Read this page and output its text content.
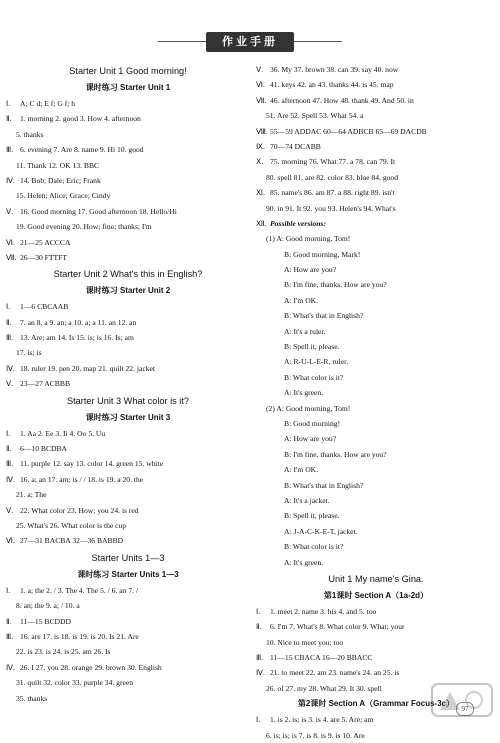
作业手册
Starter Unit 1 Good morning!
课时练习 Starter Unit 1
Ⅰ. A; C d; E f; G f; h
Ⅱ. 1. morning 2. good 3. How 4. afternoon
5. thanks
Ⅲ. 6. evening 7. Are 8. name 9. Hi 10. good
11. Thank 12. OK 13. BBC
Ⅳ. 14. Bob; Dale; Eric; Frank
15. Helen; Alice; Grace; Cindy
Ⅴ. 16. Good morning 17. Good afternoon 18. Hello/Hi
19. Good evening 20. How; fine; thanks; I'm
Ⅵ. 21—25 ACCCA
Ⅶ. 26—30 FTTFT
Starter Unit 2 What's this in English?
课时练习 Starter Unit 2
Ⅰ. 1—6 CBCAAB
Ⅱ. 7. an 8. a 9. an; a 10. a; a 11. an 12. an
Ⅲ. 13. Are; am 14. Is 15. is; is 16. Is; am
17. is; is
Ⅳ. 18. ruler 19. pen 20. map 21. quilt 22. jacket
Ⅴ. 23—27 ACBBB
Starter Unit 3 What color is it?
课时练习 Starter Unit 3
Ⅰ. 1. Aa 2. Ee 3. Ii 4. Oo 5. Uu
Ⅱ. 6—10 BCDBA
Ⅲ. 11. purple 12. say 13. color 14. green 15. white
Ⅳ. 16. a; an 17. am; is / / 18. is 19. a 20. the
21. a; The
Ⅴ. 22. What color 23. How; you 24. is red
25. What's 26. What color is the cup
Ⅵ. 27—31 BACBA 32—36 BABBD
Starter Units 1—3
课时练习 Starter Units 1—3
Ⅰ. 1. a; the 2. / 3. The 4. The 5. / 6. an 7. /
8. an; the 9. a; / 10. a
Ⅱ. 11—15 BCDDD
Ⅲ. 16. are 17. is 18. is 19. is 20. Is 21. Are
22. is 23. is 24. is 25. am 26. Is
Ⅳ. 26. I 27. you 28. orange 29. brown 30. English
31. quilt 32. color 33. purple 34. green
35. thanks
Ⅴ. 36. My 37. brown 38. can 39. say 40. now
Ⅵ. 41. keys 42. an 43. thanks 44. is 45. map
Ⅶ. 46. afternoon 47. How 48. thank 49. And 50. in
51. Are 52. Spell 53. What 54. a
Ⅷ. 55—59 ADDAC 60—64 ADBCB 65—69 DACDB
Ⅸ. 70—74 DCABB
Ⅹ. 75. morning 76. What 77. a 78. can 79. It
80. spell 81. are 82. color 83. blue 84. good
Ⅺ. 85. name's 86. am 87. a 88. right 89. isn't
90. in 91. It 92. you 93. Helen's 94. What's
Ⅻ. Possible versions:
(1) A: Good morning, Tom!
B: Good morning, Mark!
A: How are you?
B: I'm fine, thanks. How are you?
A: I'm OK.
B: What's that in English?
A: It's a ruler.
B: Spell it, please.
A: R-U-L-E-R, ruler.
B: What color is it?
A: It's green.
(2) A: Good morning, Tom!
B: Good morning!
A: How are you?
B: I'm fine, thanks. How are you?
A: I'm OK.
B: What's that in English?
A: It's a jacket.
B: Spell it, please.
A: J-A-C-K-E-T, jacket.
B: What color is it?
A: It's green.
Unit 1 My name's Gina.
第1课时 Section A（1a-2d）
Ⅰ. 1. meet 2. name 3. his 4. and 5. too
Ⅱ. 6. I'm 7. What's 8. What color 9. What; your
10. Nice to meet you; too
Ⅲ. 11—15 CBACA 16—20 BBACC
Ⅳ. 21. to meet 22. am 23. name's 24. an 25. is
26. of 27. my 28. What 29. It 30. spell
第2课时 Section A（Grammar Focus-3c）
Ⅰ. 1. is 2. is; is 3. is 4. are 5. Are; am
6. is; is; is 7. is 8. is 9. is 10. Are
97
